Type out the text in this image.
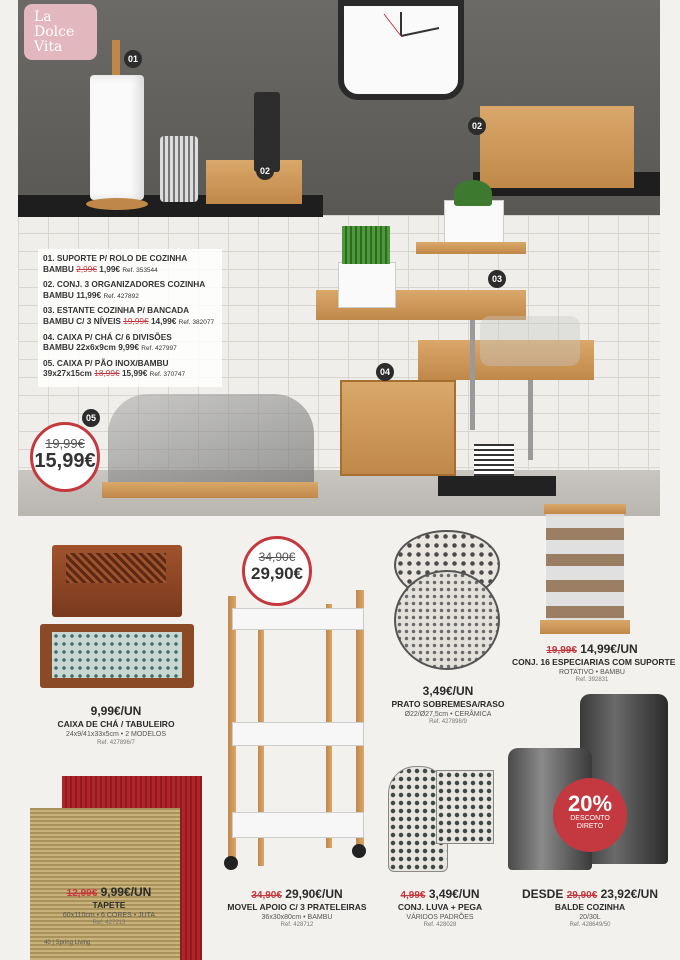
01
02
02
03
04
05
La
Dolce
Vita
01. SUPORTE P/ ROLO DE COZINHA
BAMBU 2,99€ 1,99€ Ref. 353544
02. CONJ. 3 ORGANIZADORES COZINHA
BAMBU 11,99€ Ref. 427892
03. ESTANTE COZINHA P/ BANCADA
BAMBU C/ 3 NÍVEIS 19,99€ 14,99€ Ref. 382077
04. CAIXA P/ CHÁ C/ 6 DIVISÕES
BAMBU 22x6x9cm 9,99€ Ref. 427997
05. CAIXA P/ PÃO INOX/BAMBU
39x27x15cm 18,99€ 15,99€ Ref. 370747
19,99€
15,99€
9,99€/UN
CAIXA DE CHÁ / TABULEIRO
24x9/41x33x5cm • 2 MODELOS
Ref. 427896/7
34,90€
29,90€
34,90€ 29,90€/UN
MOVEL APOIO C/ 3 PRATELEIRAS
36x30x80cm • BAMBU
Ref. 428712
3,49€/UN
PRATO SOBREMESA/RASO
Ø22/Ø27,5cm • CERÂMICA
Ref. 427898/9
19,99€ 14,99€/UN
CONJ. 16 ESPECIARIAS COM SUPORTE
ROTATIVO • BAMBU
Ref. 392831
12,99€ 9,99€/UN
TAPETE
60x110cm • 6 CORES • JUTA
Ref. 427213
40 | Spring Living
4,99€ 3,49€/UN
CONJ. LUVA + PEGA
VÁRIDOS PADRÕES
Ref. 428028
20%
DESCONTO
DIRETO
DESDE 29,90€ 23,92€/UN
BALDE COZINHA
20/30L
Ref. 428649/50
